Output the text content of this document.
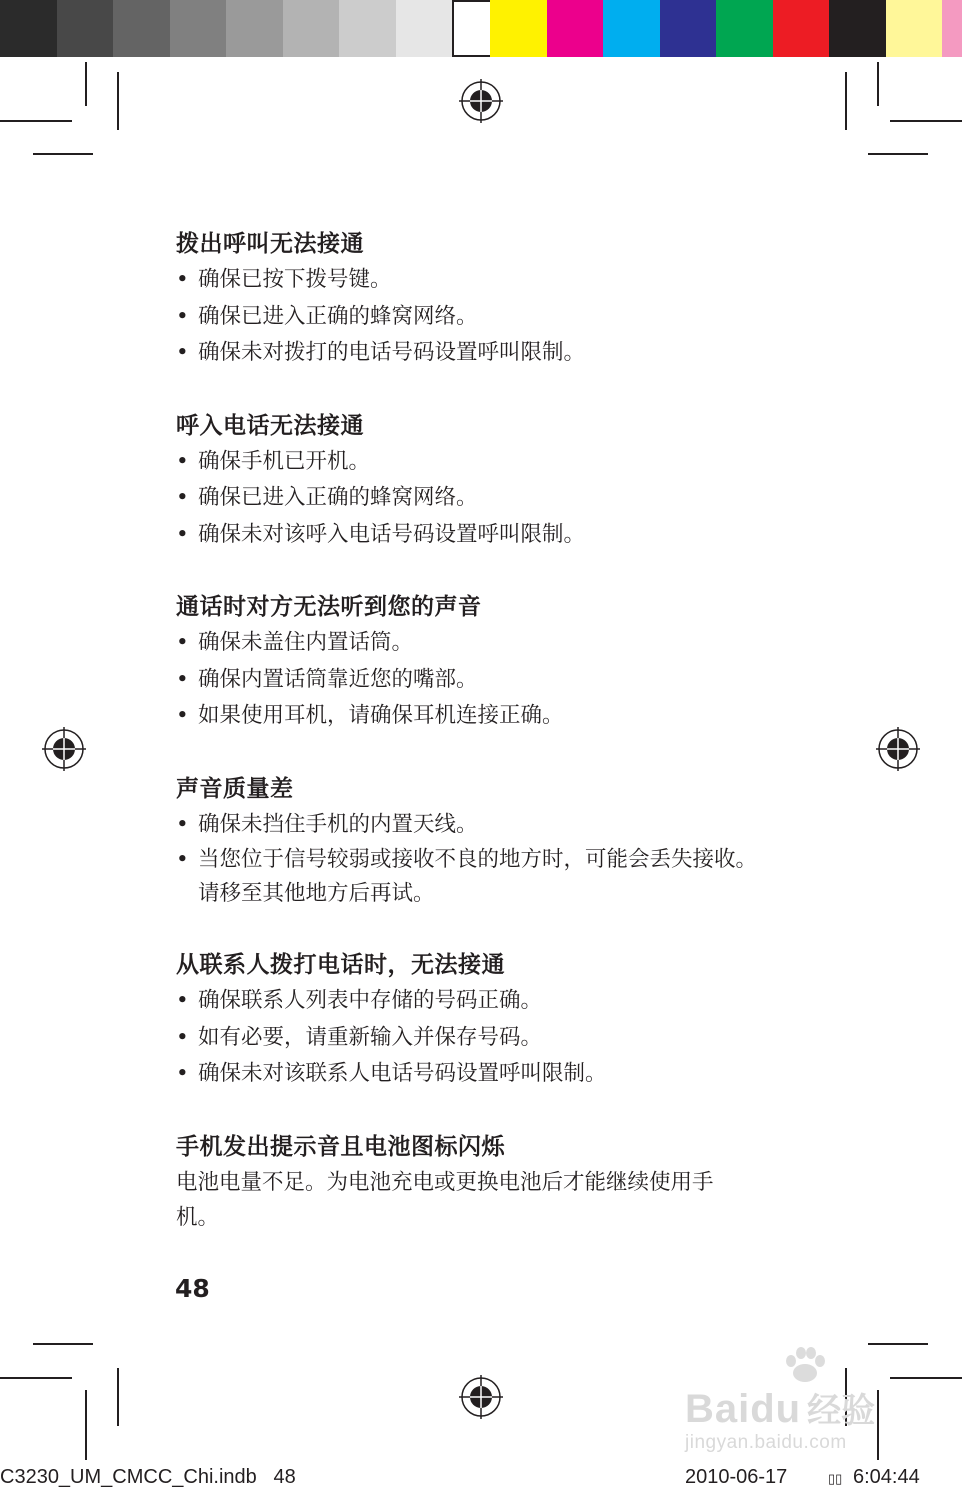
拨出呼叫无法接通
• 确保已按下拨号键。
• 确保已进入正确的蜂窝网络。
• 确保未对拨打的电话号码设置呼叫限制。
呼入电话无法接通
• 确保手机已开机。
• 确保已进入正确的蜂窝网络。
• 确保未对该呼入电话号码设置呼叫限制。
通话时对方无法听到您的声音
• 确保未盖住内置话筒。
• 确保内置话筒靠近您的嘴部。
• 如果使用耳机，请确保耳机连接正确。
声音质量差
• 确保未挡住手机的内置天线。
• 当您位于信号较弱或接收不良的地方时，可能会丢失接收。请移至其他地方后再试。
从联系人拨打电话时，无法接通
• 确保联系人列表中存储的号码正确。
• 如有必要，请重新输入并保存号码。
• 确保未对该联系人电话号码设置呼叫限制。
手机发出提示音且电池图标闪烁

电池电量不足。为电池充电或更换电池后才能继续使用手机。

48
Baidu 经验
jingyan.baidu.com
C3230_UM_CMCC_Chi.indb   48	2010-06-17	▯▯ 6:04:44
